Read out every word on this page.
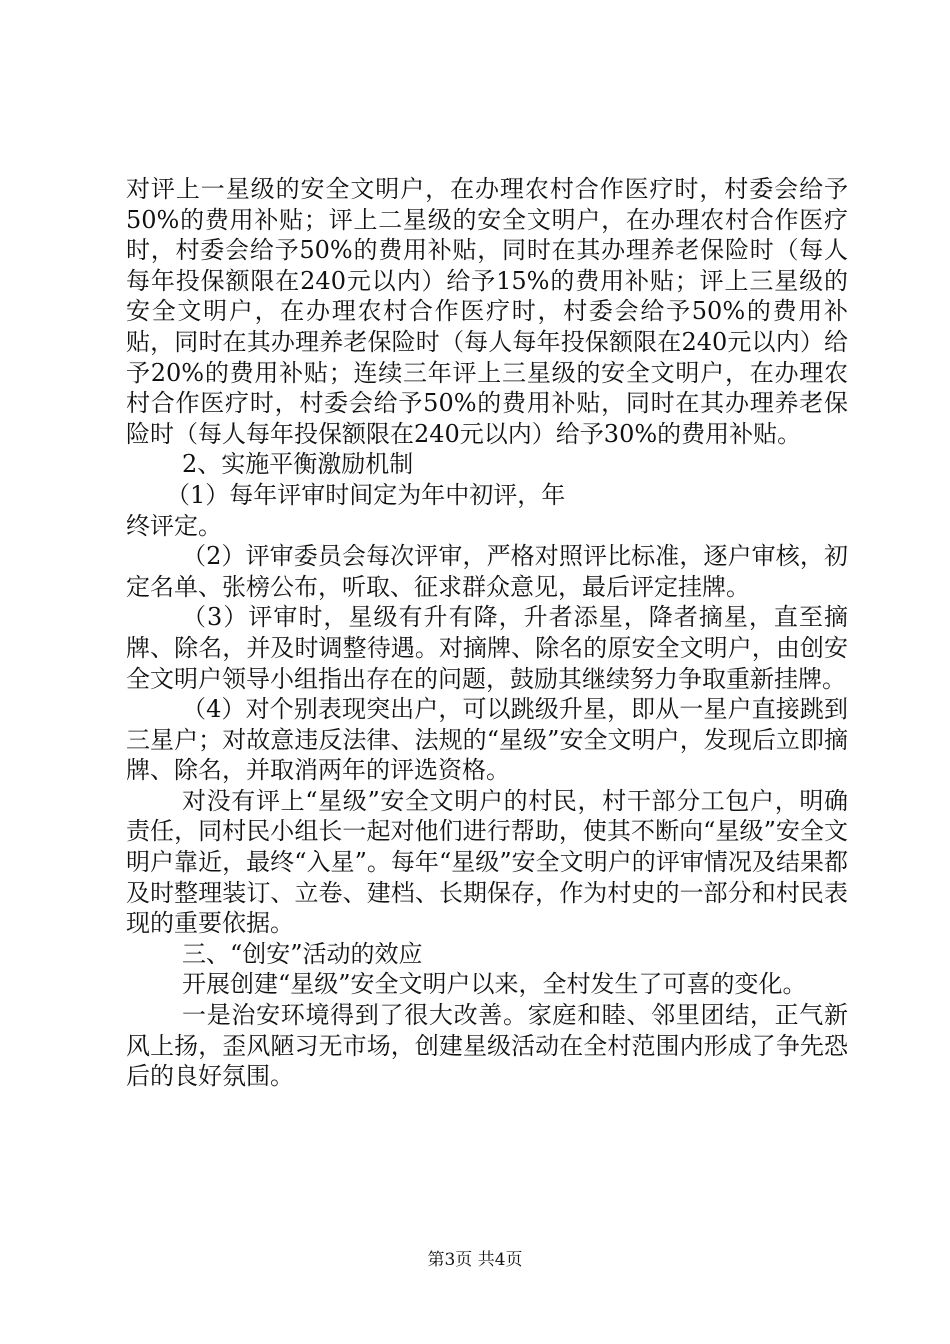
对评上一星级的安全文明户，在办理农村合作医疗时，村委会给予50%的费用补贴；评上二星级的安全文明户，在办理农村合作医疗时，村委会给予50%的费用补贴，同时在其办理养老保险时（每人每年投保额限在240元以内）给予15%的费用补贴；评上三星级的安全文明户，在办理农村合作医疗时，村委会给予50%的费用补贴，同时在其办理养老保险时（每人每年投保额限在240元以内）给予20%的费用补贴；连续三年评上三星级的安全文明户，在办理农村合作医疗时，村委会给予50%的费用补贴，同时在其办理养老保险时（每人每年投保额限在240元以内）给予30%的费用补贴。

2、实施平衡激励机制

（1）每年评审时间定为年中初评，年

终评定。

（2）评审委员会每次评审，严格对照评比标准，逐户审核，初定名单、张榜公布，听取、征求群众意见，最后评定挂牌。

（3）评审时，星级有升有降，升者添星，降者摘星，直至摘牌、除名，并及时调整待遇。对摘牌、除名的原安全文明户，由创安全文明户领导小组指出存在的问题，鼓励其继续努力争取重新挂牌。

（4）对个别表现突出户，可以跳级升星，即从一星户直接跳到三星户；对故意违反法律、法规的“星级”安全文明户，发现后立即摘牌、除名，并取消两年的评选资格。

对没有评上“星级”安全文明户的村民，村干部分工包户，明确责任，同村民小组长一起对他们进行帮助，使其不断向“星级”安全文明户靠近，最终“入星”。每年“星级”安全文明户的评审情况及结果都及时整理装订、立卷、建档、长期保存，作为村史的一部分和村民表现的重要依据。

三、“创安”活动的效应

开展创建“星级”安全文明户以来，全村发生了可喜的变化。

一是治安环境得到了很大改善。家庭和睦、邻里团结，正气新风上扬，歪风陋习无市场，创建星级活动在全村范围内形成了争先恐后的良好氛围。

第3页 共4页
